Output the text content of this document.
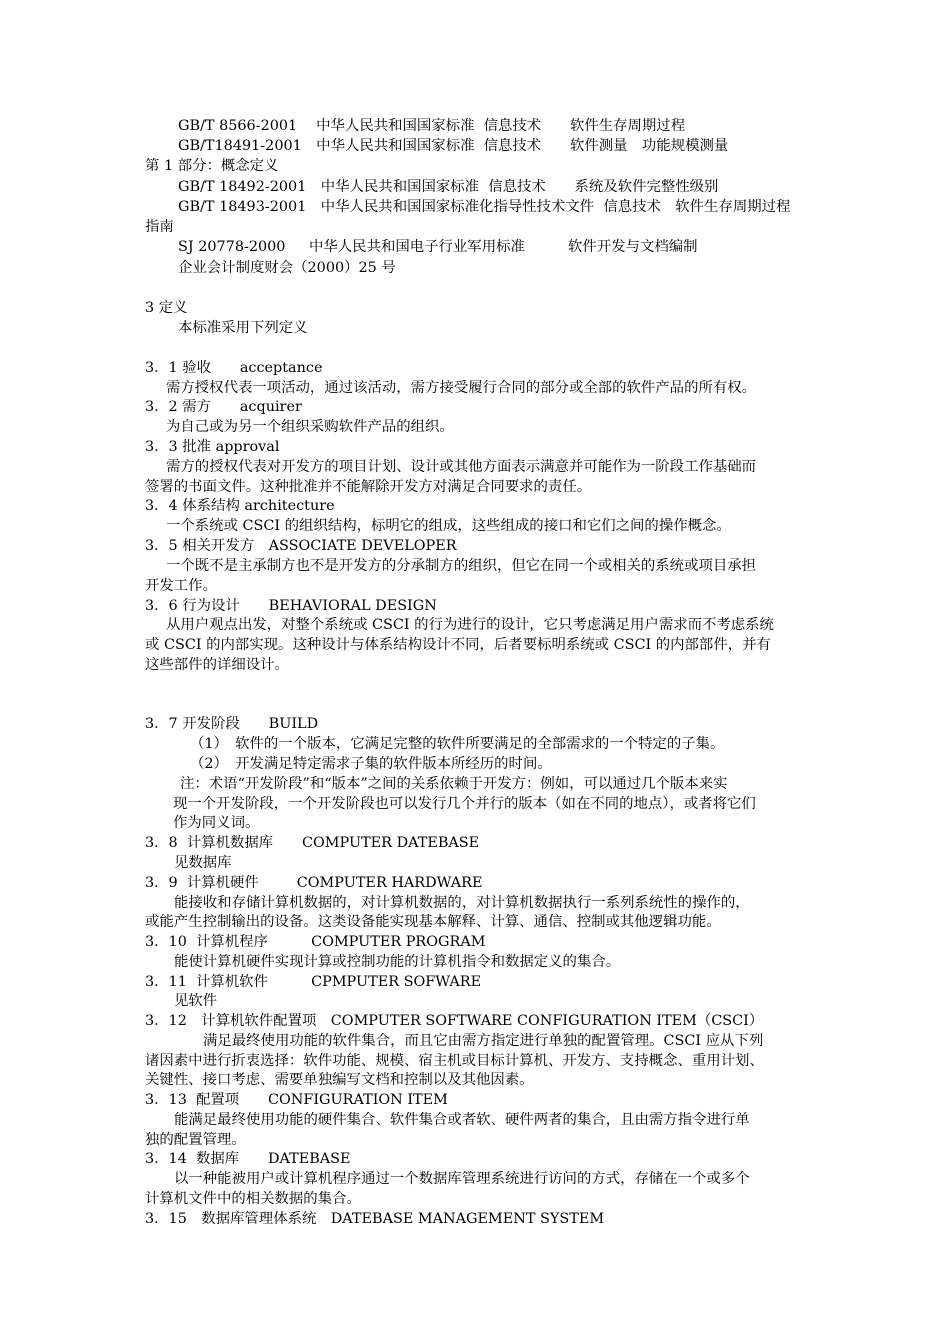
GB/T 8566-2001　 中华人民共和国国家标准  信息技术　　软件生存周期过程
GB/T18491-2001　中华人民共和国国家标准  信息技术　　软件测量　功能规模测量
第 1 部分：概念定义
GB/T 18492-2001　中华人民共和国国家标准  信息技术　　系统及软件完整性级别
GB/T 18493-2001　中华人民共和国国家标准化指导性技术文件  信息技术　软件生存周期过程
指南
SJ 20778-2000　  中华人民共和国电子行业军用标准　　　软件开发与文档编制
企业会计制度财会（2000）25 号
3 定义
本标准采用下列定义
3．1 验收　　acceptance
需方授权代表一项活动，通过该活动，需方接受履行合同的部分或全部的软件产品的所有权。
3．2 需方　　acquirer
为自己或为另一个组织采购软件产品的组织。
3．3 批准 approval
需方的授权代表对开发方的项目计划、设计或其他方面表示满意并可能作为一阶段工作基础而
签署的书面文件。这种批准并不能解除开发方对满足合同要求的责任。
3．4 体系结构 architecture
一个系统或 CSCI 的组织结构，标明它的组成，这些组成的接口和它们之间的操作概念。
3．5 相关开发方　ASSOCIATE DEVELOPER
一个既不是主承制方也不是开发方的分承制方的组织，但它在同一个或相关的系统或项目承担
开发工作。
3．6 行为设计　　BEHAVIORAL DESIGN
从用户观点出发，对整个系统或 CSCI 的行为进行的设计，它只考虑满足用户需求而不考虑系统
或 CSCI 的内部实现。这种设计与体系结构设计不同，后者要标明系统或 CSCI 的内部部件，并有
这些部件的详细设计。
3．7 开发阶段　　BUILD
（1）　软件的一个版本，它满足完整的软件所要满足的全部需求的一个特定的子集。
（2）　开发满足特定需求子集的软件版本所经历的时间。
注：术语“开发阶段”和“版本”之间的关系依赖于开发方：例如，可以通过几个版本来实
现一个开发阶段，一个开发阶段也可以发行几个并行的版本（如在不同的地点），或者将它们
作为同义词。
3．8  计算机数据库　　COMPUTER DATEBASE
见数据库
3．9  计算机硬件　　  COMPUTER HARDWARE
能接收和存储计算机数据的，对计算机数据的，对计算机数据执行一系列系统性的操作的，
或能产生控制输出的设备。这类设备能实现基本解释、计算、通信、控制或其他逻辑功能。
3．10  计算机程序　　　COMPUTER PROGRAM
能使计算机硬件实现计算或控制功能的计算机指令和数据定义的集合。
3．11  计算机软件　　　CPMPUTER SOFWARE
见软件
3．12　计算机软件配置项　COMPUTER SOFTWARE CONFIGURATION ITEM（CSCI）
满足最终使用功能的软件集合，而且它由需方指定进行单独的配置管理。CSCI 应从下列
诸因素中进行折衷选择：软件功能、规模、宿主机或目标计算机、开发方、支持概念、重用计划、
关键性、接口考虑、需要单独编写文档和控制以及其他因素。
3．13  配置项　　CONFIGURATION ITEM
能满足最终使用功能的硬件集合、软件集合或者软、硬件两者的集合，且由需方指令进行单
独的配置管理。
3．14  数据库　　DATEBASE
以一种能被用户或计算机程序通过一个数据库管理系统进行访问的方式，存储在一个或多个
计算机文件中的相关数据的集合。
3．15　数据库管理体系统　DATEBASE MANAGEMENT SYSTEM
